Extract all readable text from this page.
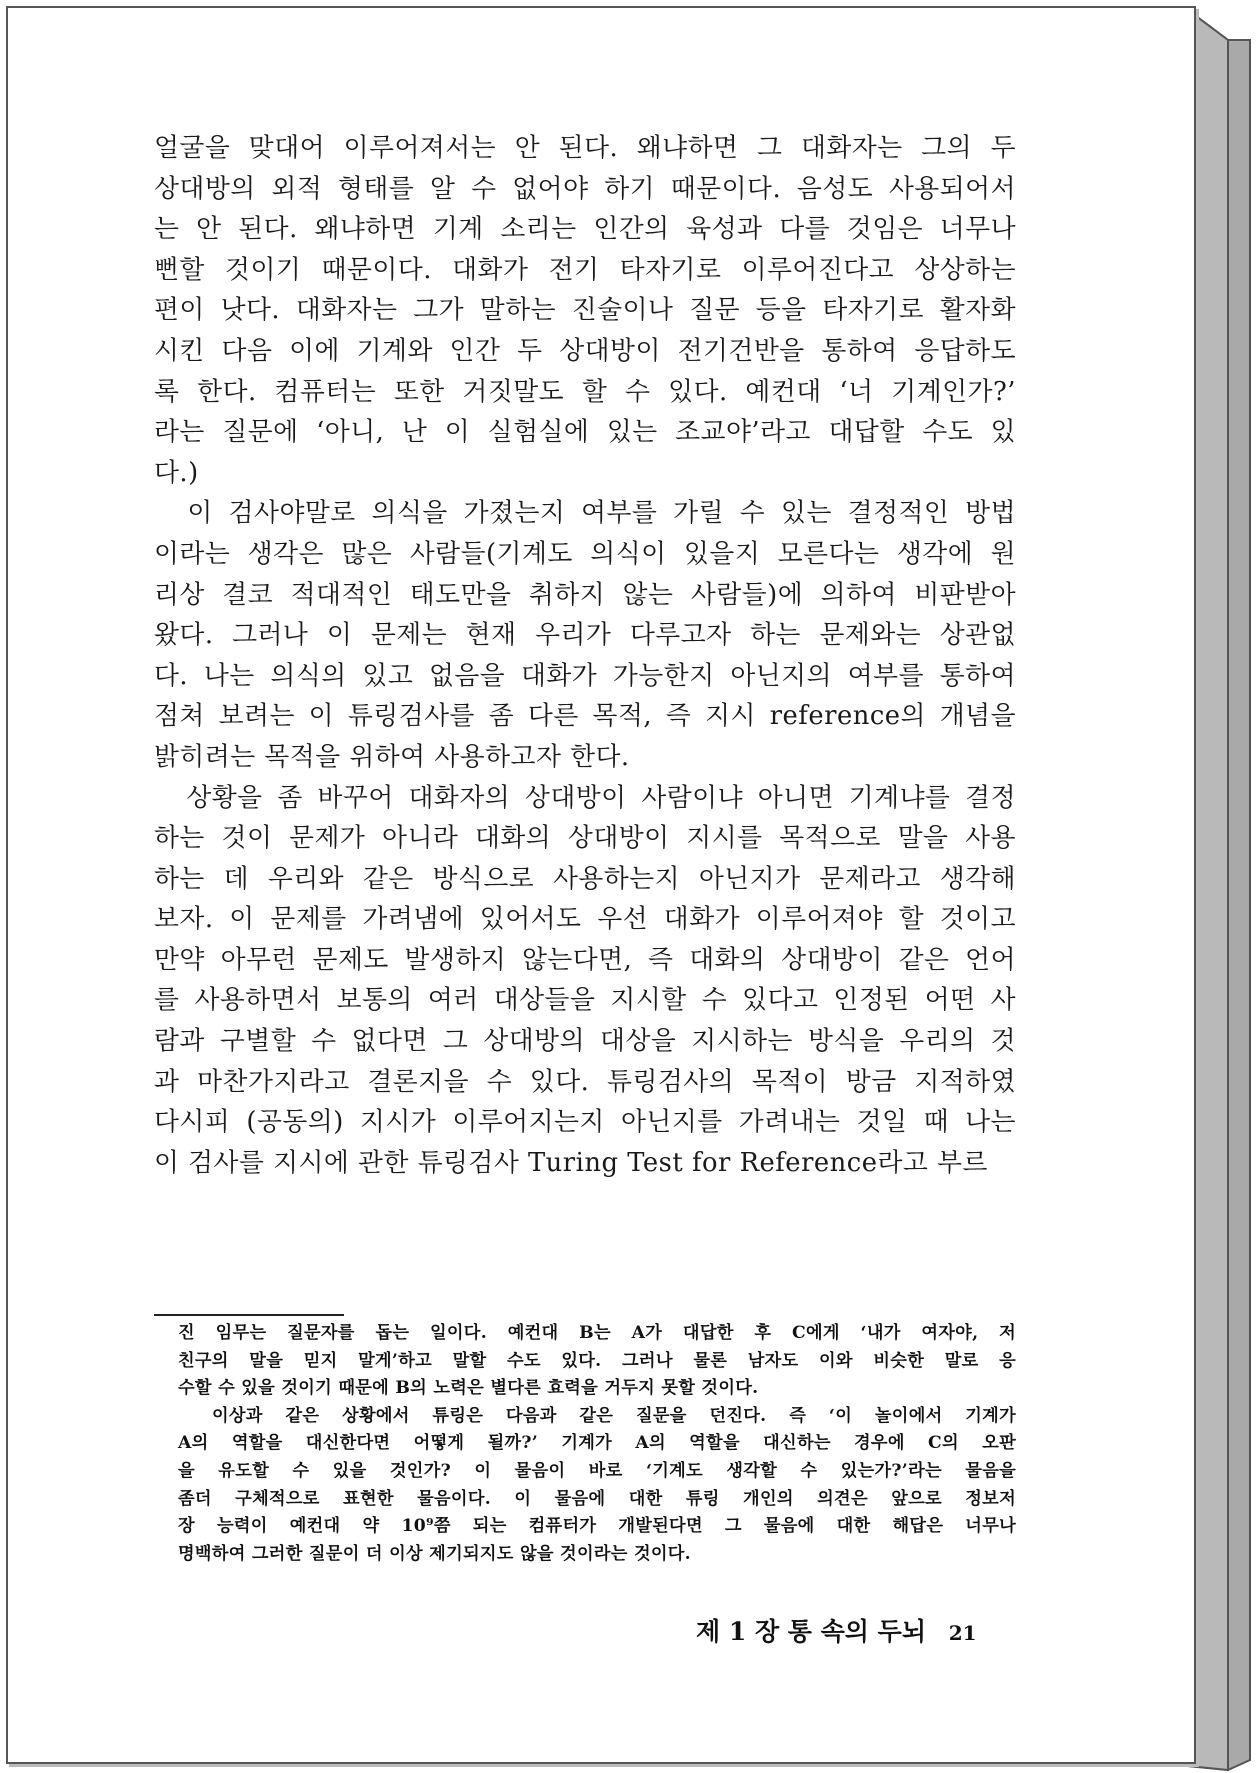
얼굴을 맞대어 이루어져서는 안 된다. 왜냐하면 그 대화자는 그의 두
상대방의 외적 형태를 알 수 없어야 하기 때문이다. 음성도 사용되어서
는 안 된다. 왜냐하면 기계 소리는 인간의 육성과 다를 것임은 너무나
뻔할 것이기 때문이다. 대화가 전기 타자기로 이루어진다고 상상하는
편이 낫다. 대화자는 그가 말하는 진술이나 질문 등을 타자기로 활자화
시킨 다음 이에 기계와 인간 두 상대방이 전기건반을 통하여 응답하도
록 한다. 컴퓨터는 또한 거짓말도 할 수 있다. 예컨대 ‘너 기계인가?’
라는 질문에 ‘아니, 난 이 실험실에 있는 조교야’라고 대답할 수도 있
다.)
　이 검사야말로 의식을 가졌는지 여부를 가릴 수 있는 결정적인 방법
이라는 생각은 많은 사람들(기계도 의식이 있을지 모른다는 생각에 원
리상 결코 적대적인 태도만을 취하지 않는 사람들)에 의하여 비판받아
왔다. 그러나 이 문제는 현재 우리가 다루고자 하는 문제와는 상관없
다. 나는 의식의 있고 없음을 대화가 가능한지 아닌지의 여부를 통하여
점쳐 보려는 이 튜링검사를 좀 다른 목적, 즉 지시 reference의 개념을
밝히려는 목적을 위하여 사용하고자 한다.
　상황을 좀 바꾸어 대화자의 상대방이 사람이냐 아니면 기계냐를 결정
하는 것이 문제가 아니라 대화의 상대방이 지시를 목적으로 말을 사용
하는 데 우리와 같은 방식으로 사용하는지 아닌지가 문제라고 생각해
보자. 이 문제를 가려냄에 있어서도 우선 대화가 이루어져야 할 것이고
만약 아무런 문제도 발생하지 않는다면, 즉 대화의 상대방이 같은 언어
를 사용하면서 보통의 여러 대상들을 지시할 수 있다고 인정된 어떤 사
람과 구별할 수 없다면 그 상대방의 대상을 지시하는 방식을 우리의 것
과 마찬가지라고 결론지을 수 있다. 튜링검사의 목적이 방금 지적하였
다시피 (공동의) 지시가 이루어지는지 아닌지를 가려내는 것일 때 나는
이 검사를 지시에 관한 튜링검사 Turing Test for Reference라고 부르
진 임무는 질문자를 돕는 일이다. 예컨대 B는 A가 대답한 후 C에게 ‘내가 여자야, 저
친구의 말을 믿지 말게’하고 말할 수도 있다. 그러나 물론 남자도 이와 비슷한 말로 응
수할 수 있을 것이기 때문에 B의 노력은 별다른 효력을 거두지 못할 것이다.
　이상과 같은 상황에서 튜링은 다음과 같은 질문을 던진다. 즉 ‘이 놀이에서 기계가
A의 역할을 대신한다면 어떻게 될까?’ 기계가 A의 역할을 대신하는 경우에 C의 오판
을 유도할 수 있을 것인가? 이 물음이 바로 ‘기계도 생각할 수 있는가?’라는 물음을
좀더 구체적으로 표현한 물음이다. 이 물음에 대한 튜링 개인의 의견은 앞으로 정보저
장 능력이 예컨대 약 10⁹쯤 되는 컴퓨터가 개발된다면 그 물음에 대한 해답은 너무나
명백하여 그러한 질문이 더 이상 제기되지도 않을 것이라는 것이다.
제 1 장 통 속의 두뇌 21
